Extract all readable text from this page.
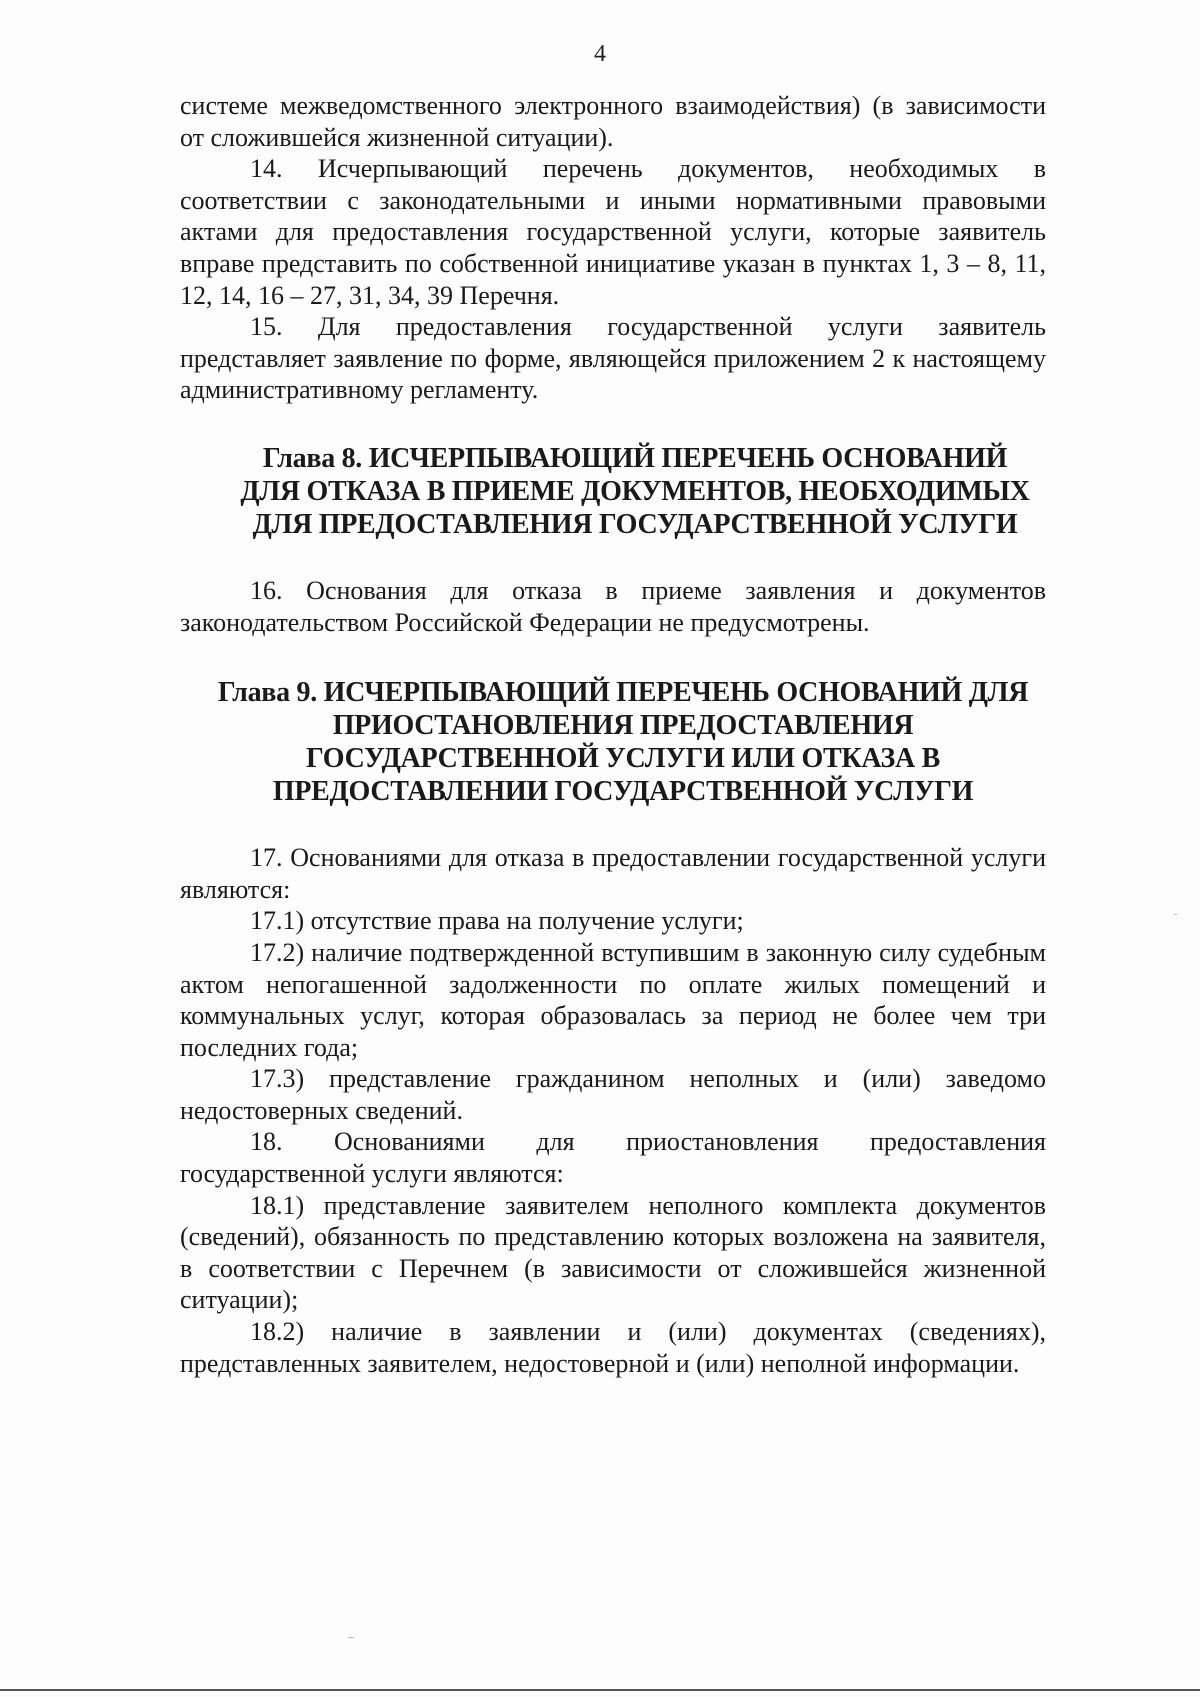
4

системе межведомственного электронного взаимодействия) (в зависимости от сложившейся жизненной ситуации).

14. Исчерпывающий перечень документов, необходимых в соответствии с законодательными и иными нормативными правовыми актами для предоставления государственной услуги, которые заявитель вправе представить по собственной инициативе указан в пунктах 1, 3 – 8, 11, 12, 14, 16 – 27, 31, 34, 39 Перечня.

15. Для предоставления государственной услуги заявитель представляет заявление по форме, являющейся приложением 2 к настоящему административному регламенту.

Глава 8. ИСЧЕРПЫВАЮЩИЙ ПЕРЕЧЕНЬ ОСНОВАНИЙ ДЛЯ ОТКАЗА В ПРИЕМЕ ДОКУМЕНТОВ, НЕОБХОДИМЫХ ДЛЯ ПРЕДОСТАВЛЕНИЯ ГОСУДАРСТВЕННОЙ УСЛУГИ

16. Основания для отказа в приеме заявления и документов законодательством Российской Федерации не предусмотрены.

Глава 9. ИСЧЕРПЫВАЮЩИЙ ПЕРЕЧЕНЬ ОСНОВАНИЙ ДЛЯ ПРИОСТАНОВЛЕНИЯ ПРЕДОСТАВЛЕНИЯ ГОСУДАРСТВЕННОЙ УСЛУГИ ИЛИ ОТКАЗА В ПРЕДОСТАВЛЕНИИ ГОСУДАРСТВЕННОЙ УСЛУГИ

17. Основаниями для отказа в предоставлении государственной услуги являются:

17.1) отсутствие права на получение услуги;

17.2) наличие подтвержденной вступившим в законную силу судебным актом непогашенной задолженности по оплате жилых помещений и коммунальных услуг, которая образовалась за период не более чем три последних года;

17.3) представление гражданином неполных и (или) заведомо недостоверных сведений.

18. Основаниями для приостановления предоставления государственной услуги являются:

18.1) представление заявителем неполного комплекта документов (сведений), обязанность по представлению которых возложена на заявителя, в соответствии с Перечнем (в зависимости от сложившейся жизненной ситуации);

18.2) наличие в заявлении и (или) документах (сведениях), представленных заявителем, недостоверной и (или) неполной информации.
